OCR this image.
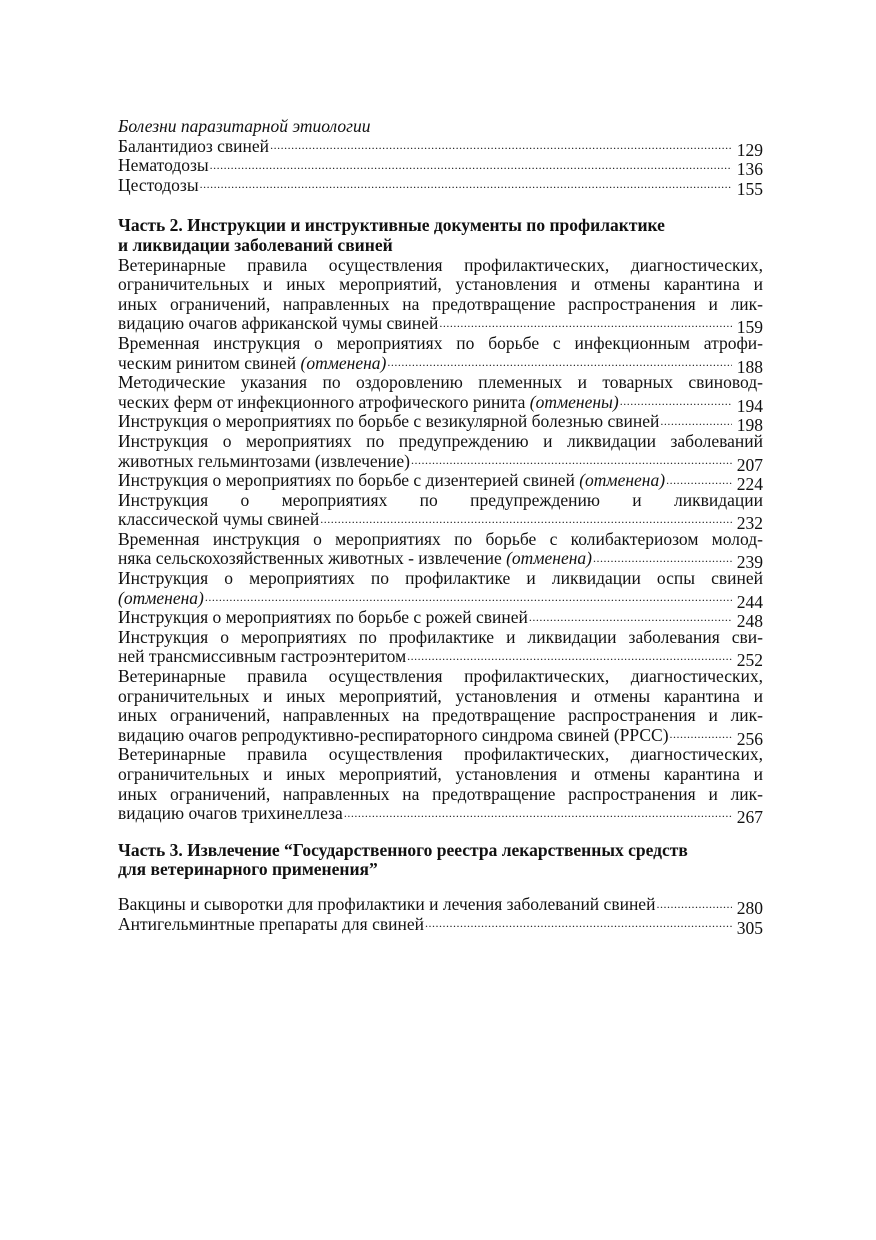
Болезни паразитарной этиологии
Балантидиоз свиней .....	129
Нематодозы .....	136
Цестодозы .....	155
Часть 2. Инструкции и инструктивные документы по профилактике
и ликвидации заболеваний свиней
Ветеринарные правила осуществления профилактических, диагностических,
ограничительных и иных мероприятий, установления и отмены карантина и
иных ограничений, направленных на предотвращение распространения и лик-
видацию очагов африканской чумы свиней .....	159
Временная инструкция о мероприятиях по борьбе с инфекционным атрофи-
ческим ринитом свиней (отменена) .....	188
Методические указания по оздоровлению племенных и товарных свиновод-
ческих ферм от инфекционного атрофического ринита (отменены) .....	194
Инструкция о мероприятиях по борьбе с везикулярной болезнью свиней .....	198
Инструкция о мероприятиях по предупреждению и ликвидации заболеваний
животных гельминтозами (извлечение) .....	207
Инструкция о мероприятиях по борьбе с дизентерией свиней (отменена) .....	224
Инструкция о мероприятиях по предупреждению и ликвидации
классической чумы свиней .....	232
Временная инструкция о мероприятиях по борьбе с колибактериозом молод-
няка сельскохозяйственных животных - извлечение (отменена) .....	239
Инструкция о мероприятиях по профилактике и ликвидации оспы свиней
(отменена) .....	244
Инструкция о мероприятиях по борьбе с рожей свиней .....	248
Инструкция о мероприятиях по профилактике и ликвидации заболевания сви-
ней трансмиссивным гастроэнтеритом .....	252
Ветеринарные правила осуществления профилактических, диагностических,
ограничительных и иных мероприятий, установления и отмены карантина и
иных ограничений, направленных на предотвращение распространения и лик-
видацию очагов репродуктивно-респираторного синдрома свиней (РРСС) .....	256
Ветеринарные правила осуществления профилактических, диагностических,
ограничительных и иных мероприятий, установления и отмены карантина и
иных ограничений, направленных на предотвращение распространения и лик-
видацию очагов трихинеллеза .....	267
Часть 3. Извлечение “Государственного реестра лекарственных средств
для ветеринарного применения”
Вакцины и сыворотки для профилактики и лечения заболеваний свиней .....	280
Антигельминтные препараты для свиней .....	305
